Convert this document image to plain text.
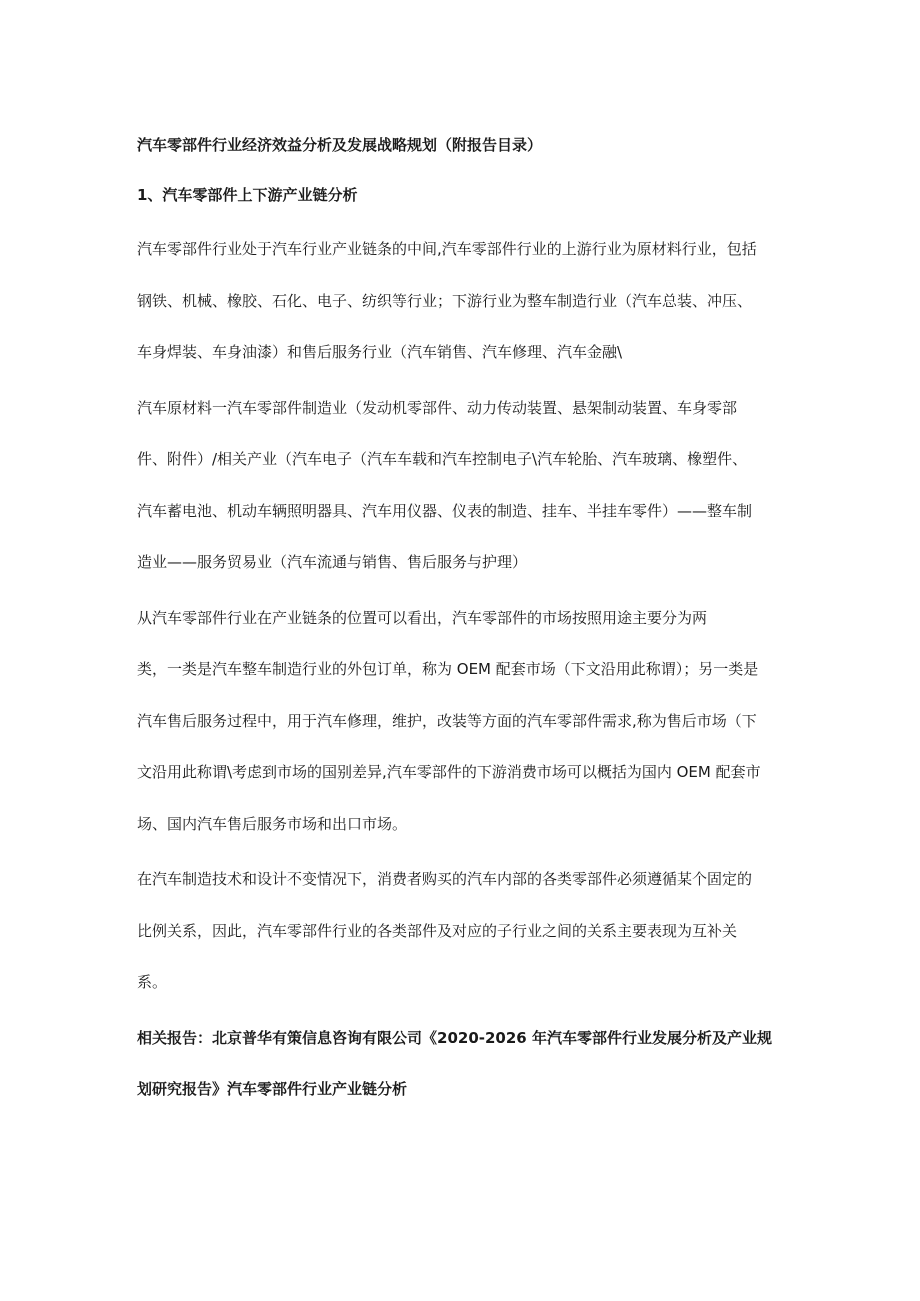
汽车零部件行业经济效益分析及发展战略规划（附报告目录）
1、汽车零部件上下游产业链分析
汽车零部件行业处于汽车行业产业链条的中间,汽车零部件行业的上游行业为原材料行业，包括
钢铁、机械、橡胶、石化、电子、纺织等行业；下游行业为整车制造行业（汽车总装、冲压、
车身焊装、车身油漆）和售后服务行业（汽车销售、汽车修理、汽车金融\
汽车原材料一汽车零部件制造业（发动机零部件、动力传动装置、悬架制动装置、车身零部
件、附件）/相关产业（汽车电子（汽车车载和汽车控制电子\汽车轮胎、汽车玻璃、橡塑件、
汽车蓄电池、机动车辆照明器具、汽车用仪器、仪表的制造、挂车、半挂车零件）——整车制
造业——服务贸易业（汽车流通与销售、售后服务与护理）
从汽车零部件行业在产业链条的位置可以看出，汽车零部件的市场按照用途主要分为两
类，一类是汽车整车制造行业的外包订单，称为 OEM 配套市场（下文沿用此称谓）；另一类是
汽车售后服务过程中，用于汽车修理，维护，改装等方面的汽车零部件需求,称为售后市场（下
文沿用此称谓\考虑到市场的国别差异,汽车零部件的下游消费市场可以概括为国内 OEM 配套市
场、国内汽车售后服务市场和出口市场。
在汽车制造技术和设计不变情况下，消费者购买的汽车内部的各类零部件必须遵循某个固定的
比例关系，因此，汽车零部件行业的各类部件及对应的子行业之间的关系主要表现为互补关
系。
相关报告：北京普华有策信息咨询有限公司《2020-2026 年汽车零部件行业发展分析及产业规
划研究报告》汽车零部件行业产业链分析
